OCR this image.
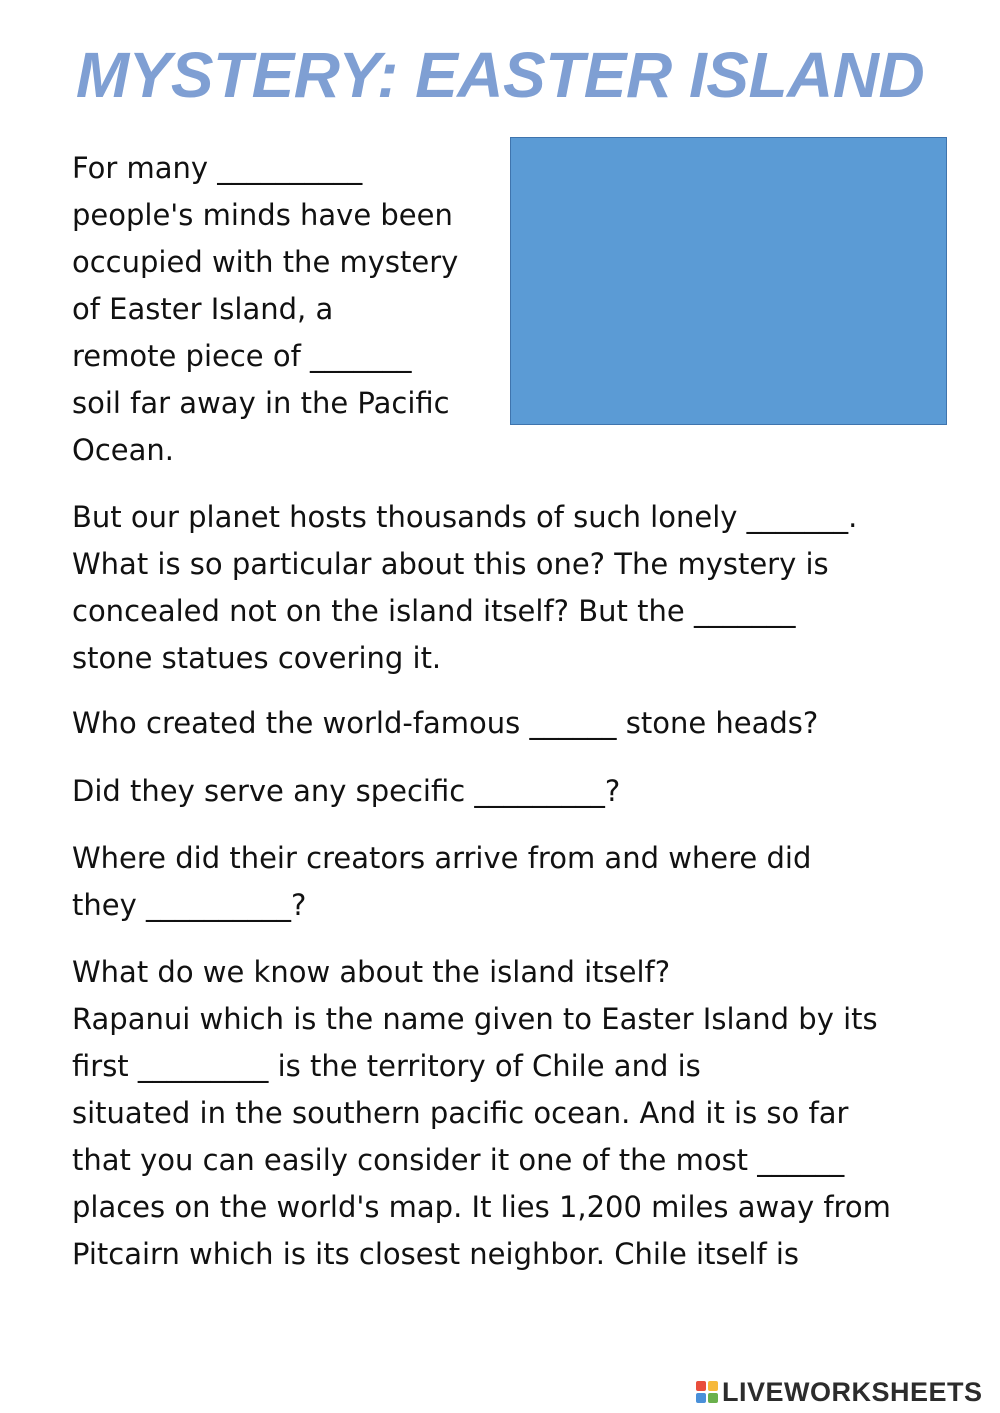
MYSTERY: EASTER ISLAND
For many __________
people's minds have been
occupied with the mystery
of Easter Island, a
remote piece of _______
soil far away in the Pacific
Ocean.
But our planet hosts thousands of such lonely _______.
What is so particular about this one? The mystery is
concealed not on the island itself? But the _______
stone statues covering it.
Who created the world-famous ______ stone heads?
Did they serve any specific _________?
Where did their creators arrive from and where did
they __________?
What do we know about the island itself?
Rapanui which is the name given to Easter Island by its
first _________ is the territory of Chile and is
situated in the southern pacific ocean. And it is so far
that you can easily consider it one of the most ______
places on the world's map. It lies 1,200 miles away from
Pitcairn which is its closest neighbor. Chile itself is
LIVEWORKSHEETS
